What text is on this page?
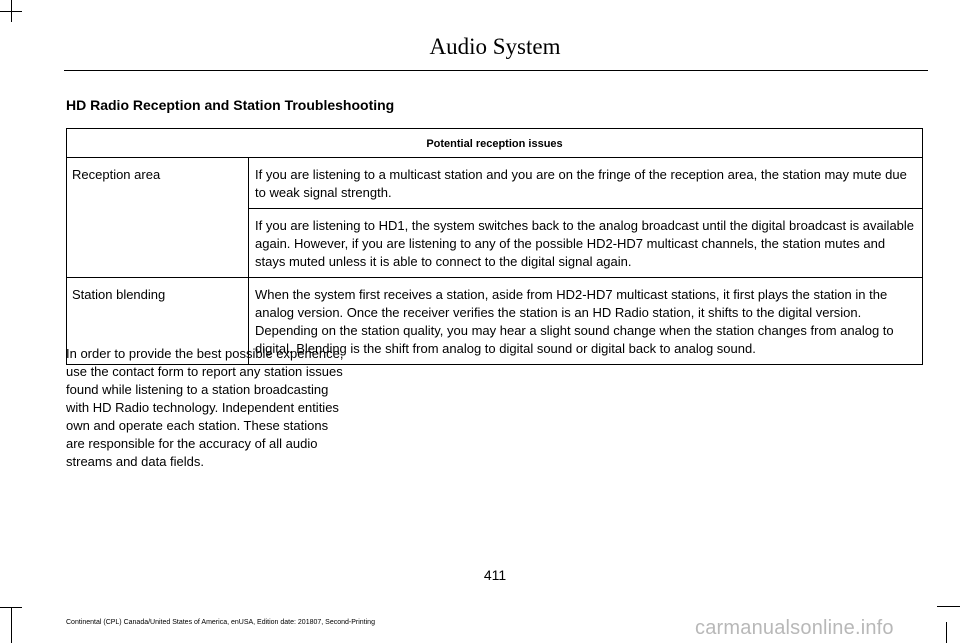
Audio System
HD Radio Reception and Station Troubleshooting
Potential reception issues	
Reception area	If you are listening to a multicast station and you are on the fringe of the reception area, the station may mute due to weak signal strength.
	If you are listening to HD1, the system switches back to the analog broadcast until the digital broadcast is available again. However, if you are listening to any of the possible HD2-HD7 multicast channels, the station mutes and stays muted unless it is able to connect to the digital signal again.
Station blending	When the system first receives a station, aside from HD2-HD7 multicast stations, it first plays the station in the analog version. Once the receiver verifies the station is an HD Radio station, it shifts to the digital version. Depending on the station quality, you may hear a slight sound change when the station changes from analog to digital. Blending is the shift from analog to digital sound or digital back to analog sound.

In order to provide the best possible experience, use the contact form to report any station issues found while listening to a station broadcasting with HD Radio technology. Independent entities own and operate each station. These stations are responsible for the accuracy of all audio streams and data fields.

411

Continental (CPL) Canada/United States of America, enUSA, Edition date: 201807, Second-Printing	carmanualsonline.info
